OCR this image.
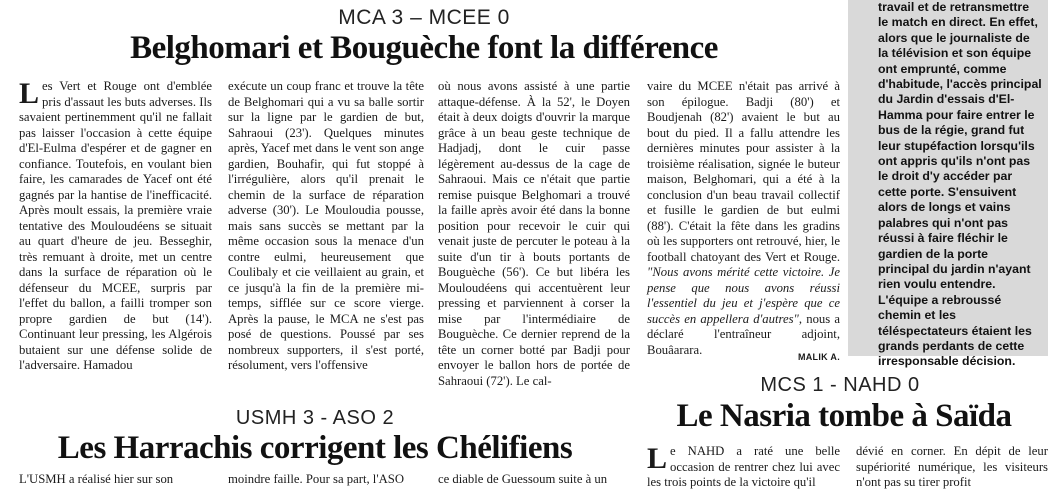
MCA 3 – MCEE 0
Belghomari et Bouguèche font la différence
Les Vert et Rouge ont d'emblée pris d'assaut les buts adverses. Ils savaient pertinemment qu'il ne fallait pas laisser l'occasion à cette équipe d'El-Eulma d'espérer et de gagner en confiance. Toutefois, en voulant bien faire, les camarades de Yacef ont été gagnés par la hantise de l'inefficacité. Après moult essais, la première vraie tentative des Mouloudéens se situait au quart d'heure de jeu. Besseghir, très remuant à droite, met un centre dans la surface de réparation où le défenseur du MCEE, surpris par l'effet du ballon, a failli tromper son propre gardien de but (14'). Continuant leur pressing, les Algérois butaient sur une défense solide de l'adversaire. Hamadou
exécute un coup franc et trouve la tête de Belghomari qui a vu sa balle sortir sur la ligne par le gardien de but, Sahraoui (23'). Quelques minutes après, Yacef met dans le vent son ange gardien, Bouhafir, qui fut stoppé à l'irrégulière, alors qu'il prenait le chemin de la surface de réparation adverse (30'). Le Mouloudia pousse, mais sans succès se mettant par la même occasion sous la menace d'un contre eulmi, heureusement que Coulibaly et cie veillaient au grain, et ce jusqu'à la fin de la première mi-temps, sifflée sur ce score vierge. Après la pause, le MCA ne s'est pas posé de questions. Poussé par ses nombreux supporters, il s'est porté, résolument, vers l'offensive
où nous avons assisté à une partie attaque-défense. À la 52', le Doyen était à deux doigts d'ouvrir la marque grâce à un beau geste technique de Hadjadj, dont le cuir passe légèrement au-dessus de la cage de Sahraoui. Mais ce n'était que partie remise puisque Belghomari a trouvé la faille après avoir été dans la bonne position pour recevoir le cuir qui venait juste de percuter le poteau à la suite d'un tir à bouts portants de Bouguèche (56'). Ce but libéra les Mouloudéens qui accentuèrent leur pressing et parviennent à corser la mise par l'intermédiaire de Bouguèche. Ce dernier reprend de la tête un corner botté par Badji pour envoyer le ballon hors de portée de Sahraoui (72'). Le cal-
vaire du MCEE n'était pas arrivé à son épilogue. Badji (80') et Boudjenah (82') avaient le but au bout du pied. Il a fallu attendre les dernières minutes pour assister à la troisième réalisation, signée le buteur maison, Belghomari, qui a été à la conclusion d'un beau travail collectif et fusille le gardien de but eulmi (88'). C'était la fête dans les gradins où les supporters ont retrouvé, hier, le football chatoyant des Vert et Rouge. "Nous avons mérité cette victoire. Je pense que nous avons réussi l'essentiel du jeu et j'espère que ce succès en appellera d'autres", nous a déclaré l'entraîneur adjoint, Bouâarara.
MALIK A.
travail et de retransmettre le match en direct. En effet, alors que le journaliste de la télévision et son équipe ont emprunté, comme d'habitude, l'accès principal du Jardin d'essais d'El- Hamma pour faire entrer le bus de la régie, grand fut leur stupéfaction lorsqu'ils ont appris qu'ils n'ont pas le droit d'y accéder par cette porte. S'ensuivent alors de longs et vains palabres qui n'ont pas réussi à faire fléchir le gardien de la porte principal du jardin n'ayant rien voulu entendre. L'équipe a rebroussé chemin et les téléspectateurs étaient les grands perdants de cette irresponsable décision.
USMH 3 - ASO 2
Les Harrachis corrigent les Chélifiens
L'USMH a réalisé hier sur son	moindre faille. Pour sa part, l'ASO	ce diable de Guessoum suite à un
MCS 1 - NAHD 0
Le Nasria tombe à Saïda
Le NAHD a raté une belle occasion de rentrer chez lui avec les trois points de la victoire qu'il
dévié en corner. En dépit de leur supériorité numérique, les visiteurs n'ont pas su tirer profit
